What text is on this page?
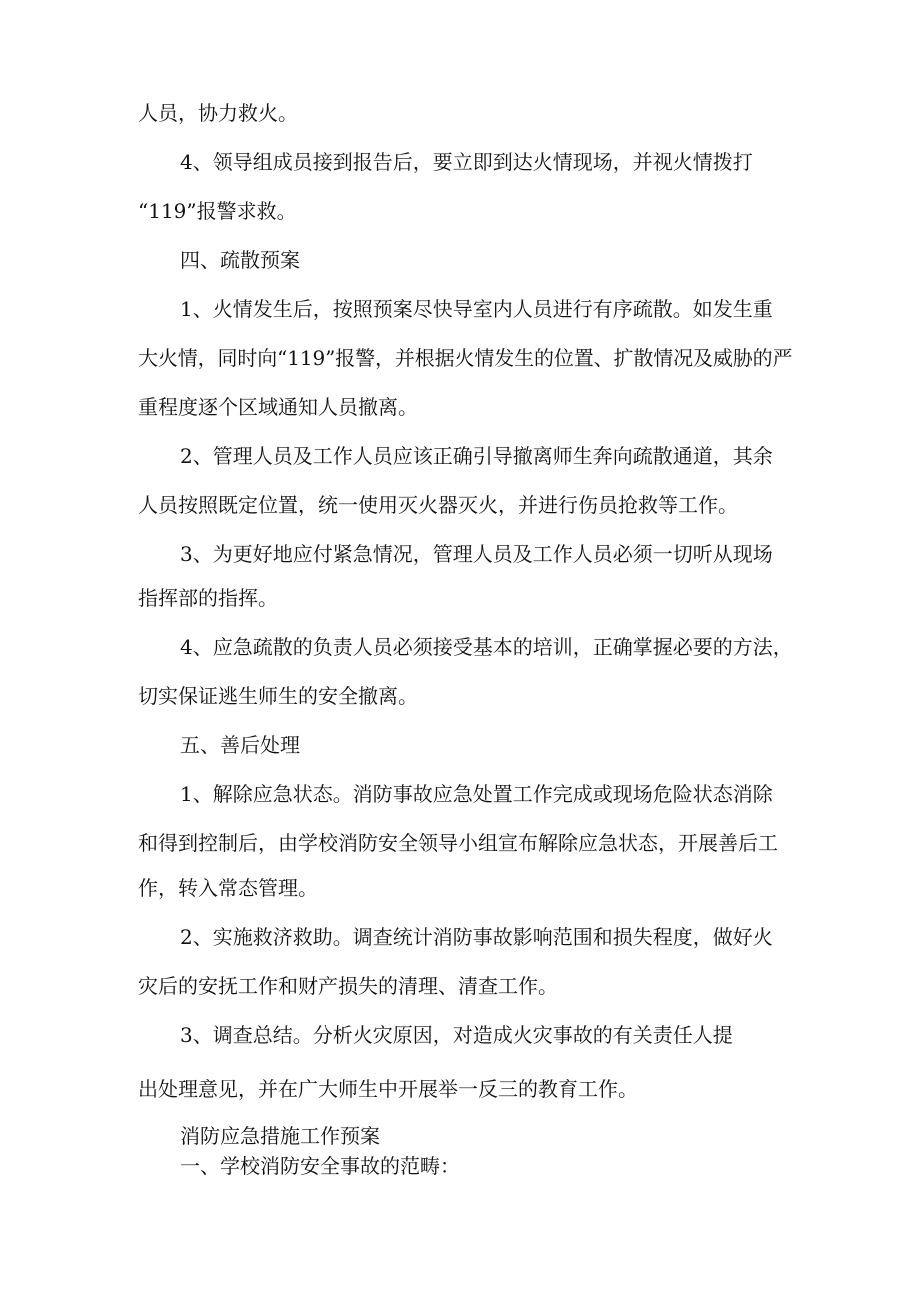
人员，协力救火。

4、领导组成员接到报告后，要立即到达火情现场，并视火情拨打

“119”报警求救。

四、疏散预案

1、火情发生后，按照预案尽快导室内人员进行有序疏散。如发生重

大火情，同时向“119”报警，并根据火情发生的位置、扩散情况及威胁的严

重程度逐个区域通知人员撤离。

2、管理人员及工作人员应该正确引导撤离师生奔向疏散通道，其余

人员按照既定位置，统一使用灭火器灭火，并进行伤员抢救等工作。

3、为更好地应付紧急情况，管理人员及工作人员必须一切听从现场

指挥部的指挥。

4、应急疏散的负责人员必须接受基本的培训，正确掌握必要的方法，

切实保证逃生师生的安全撤离。

五、善后处理

1、解除应急状态。消防事故应急处置工作完成或现场危险状态消除

和得到控制后，由学校消防安全领导小组宣布解除应急状态，开展善后工

作，转入常态管理。

2、实施救济救助。调查统计消防事故影响范围和损失程度，做好火

灾后的安抚工作和财产损失的清理、清查工作。

3、调查总结。分析火灾原因，对造成火灾事故的有关责任人提

出处理意见，并在广大师生中开展举一反三的教育工作。

消防应急措施工作预案

一、学校消防安全事故的范畴：
